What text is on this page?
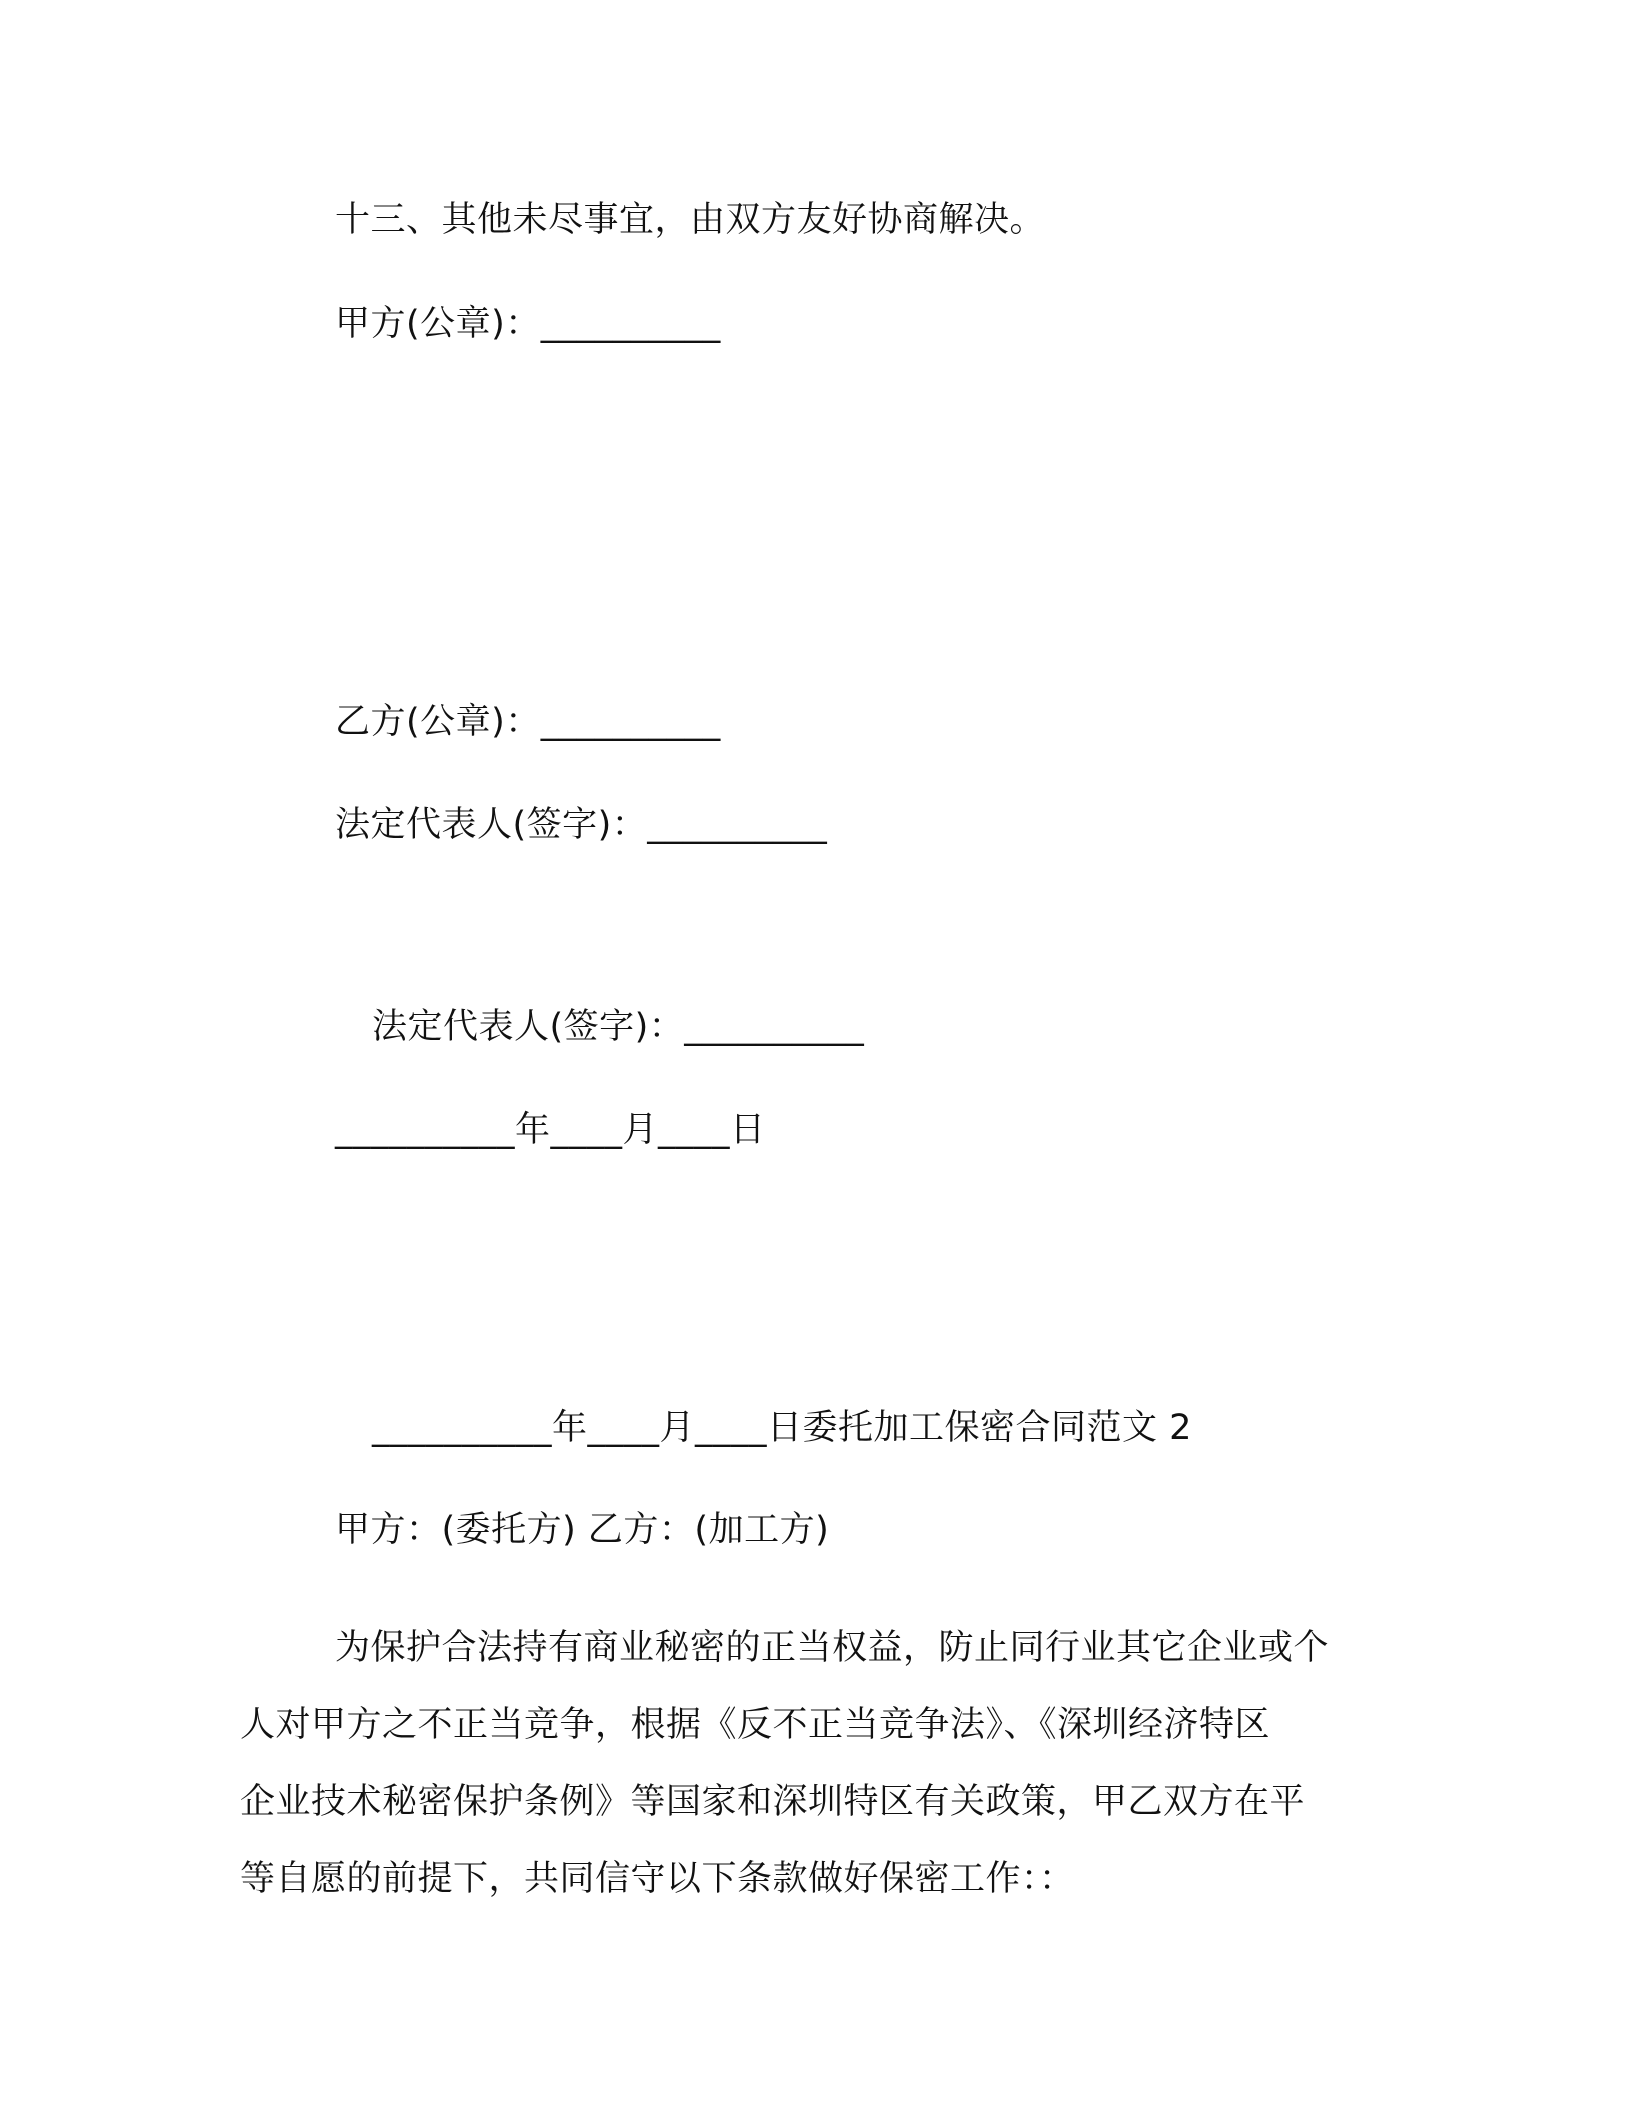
十三、其他未尽事宜，由双方友好协商解决。
甲方(公章)：__________
乙方(公章)：__________
法定代表人(签字)：__________
法定代表人(签字)：__________
__________年____月____日
__________年____月____日委托加工保密合同范文 2
甲方：(委托方) 乙方：(加工方)
为保护合法持有商业秘密的正当权益，防止同行业其它企业或个
人对甲方之不正当竞争，根据《反不正当竞争法》、《深圳经济特区
企业技术秘密保护条例》等国家和深圳特区有关政策，甲乙双方在平
等自愿的前提下，共同信守以下条款做好保密工作：：
